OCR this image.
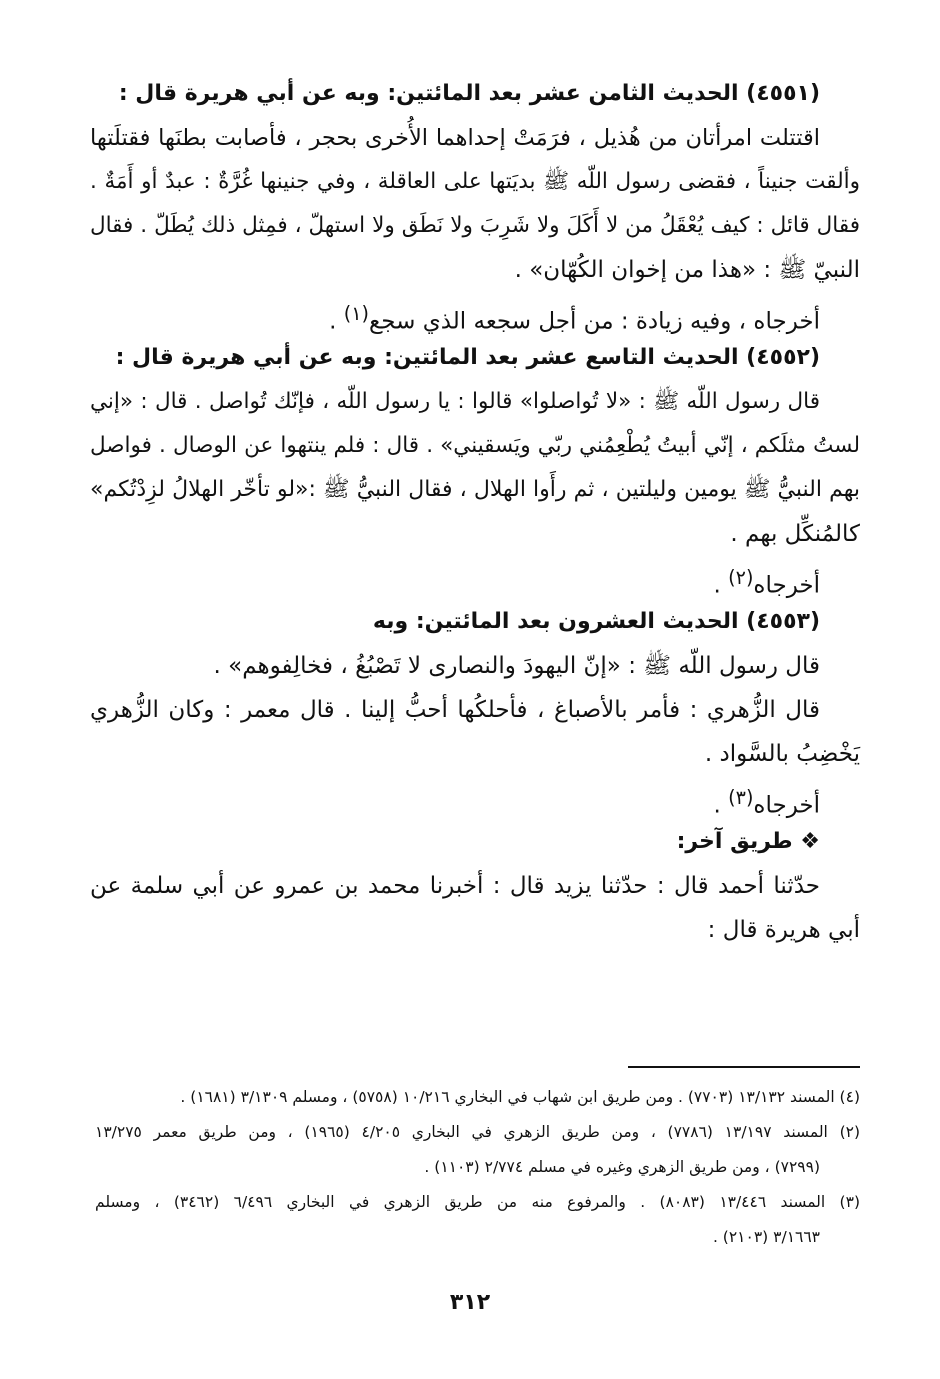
(٤٥٥١) الحديث الثامن عشر بعد المائتين: وبه عن أبي هريرة قال :
اقتتلت امرأتان من هُذيل ، فرَمَتْ إحداهما الأُخرى بحجر ، فأصابت بطنَها فقتلَتها
وألقت جنيناً ، فقضى رسول اللّه ﷺ بديَتها على العاقلة ، وفي جنينها غُرَّةٌ : عبدٌ أو أَمَةٌ .
فقال قائل : كيف يُعْقَلُ من لا أَكَلَ ولا شَرِبَ ولا نَطَق ولا استهلّ ، فمِثل ذلك يُطَلّ . فقال
النبيّ ﷺ : «هذا من إخوان الكُهّان» .
أخرجاه ، وفيه زيادة : من أجل سجعه الذي سجع$^{(١)}$ .
(٤٥٥٢) الحديث التاسع عشر بعد المائتين: وبه عن أبي هريرة قال :
قال رسول اللّه ﷺ : «لا تُواصلوا» قالوا : يا رسول اللّه ، فإنّك تُواصل . قال : «إني
لستُ مثلَكم ، إنّي أبيتُ يُطْعِمُني ربّي ويَسقيني» . قال : فلم ينتهوا عن الوصال . فواصل
بهم النبيُّ ﷺ يومين وليلتين ، ثم رأَوا الهلال ، فقال النبيُّ ﷺ :«لو تأخّر الهلالُ لزِدْتُكم»
كالمُنكِّل بهم .
أخرجاه$^{(٢)}$ .
(٤٥٥٣) الحديث العشرون بعد المائتين: وبه
قال رسول اللّه ﷺ : «إنّ اليهودَ والنصارى لا تَصْبُغُ ، فخالِفوهم» .
قال الزُّهري : فأمر بالأصباغ ، فأحلكُها أحبُّ إلينا . قال معمر : وكان الزُّهري
يَخْضِبُ بالسَّواد .
أخرجاه$^{(٣)}$ .
❖ طريق آخر:
حدّثنا أحمد قال : حدّثنا يزيد قال : أخبرنا محمد بن عمرو عن أبي سلمة عن
أبي هريرة قال :
(٤) المسند ١٣/١٣٢ (٧٧٠٣) . ومن طريق ابن شهاب في البخاري ١٠/٢١٦ (٥٧٥٨) ، ومسلم ٣/١٣٠٩ (١٦٨١) .
(٢) المسند ١٣/١٩٧ (٧٧٨٦) ، ومن طريق الزهري في البخاري ٤/٢٠٥ (١٩٦٥) ، ومن طريق معمر ١٣/٢٧٥
(٧٢٩٩) ، ومن طريق الزهري وغيره في مسلم ٢/٧٧٤ (١١٠٣) .
(٣) المسند ١٣/٤٤٦ (٨٠٨٣) . والمرفوع منه من طريق الزهري في البخاري ٦/٤٩٦ (٣٤٦٢) ، ومسلم
٣/١٦٦٣ (٢١٠٣) .
٣١٢
